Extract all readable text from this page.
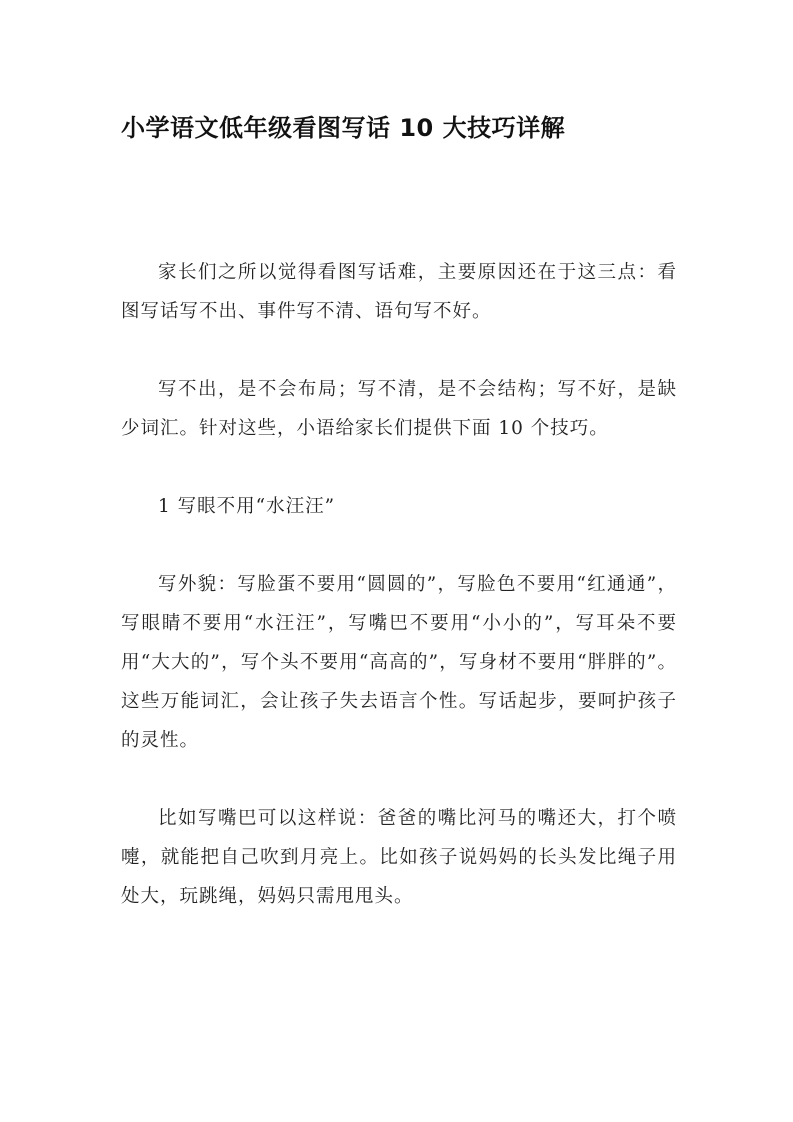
小学语文低年级看图写话 10 大技巧详解

家长们之所以觉得看图写话难，主要原因还在于这三点：看图写话写不出、事件写不清、语句写不好。

写不出，是不会布局；写不清，是不会结构；写不好，是缺少词汇。针对这些，小语给家长们提供下面 10 个技巧。

1 写眼不用“水汪汪”

写外貌：写脸蛋不要用“圆圆的”，写脸色不要用“红通通”，写眼睛不要用“水汪汪”，写嘴巴不要用“小小的”，写耳朵不要用“大大的”，写个头不要用“高高的”，写身材不要用“胖胖的”。这些万能词汇，会让孩子失去语言个性。写话起步，要呵护孩子的灵性。

比如写嘴巴可以这样说：爸爸的嘴比河马的嘴还大，打个喷嚏，就能把自己吹到月亮上。比如孩子说妈妈的长头发比绳子用处大，玩跳绳，妈妈只需甩甩头。
